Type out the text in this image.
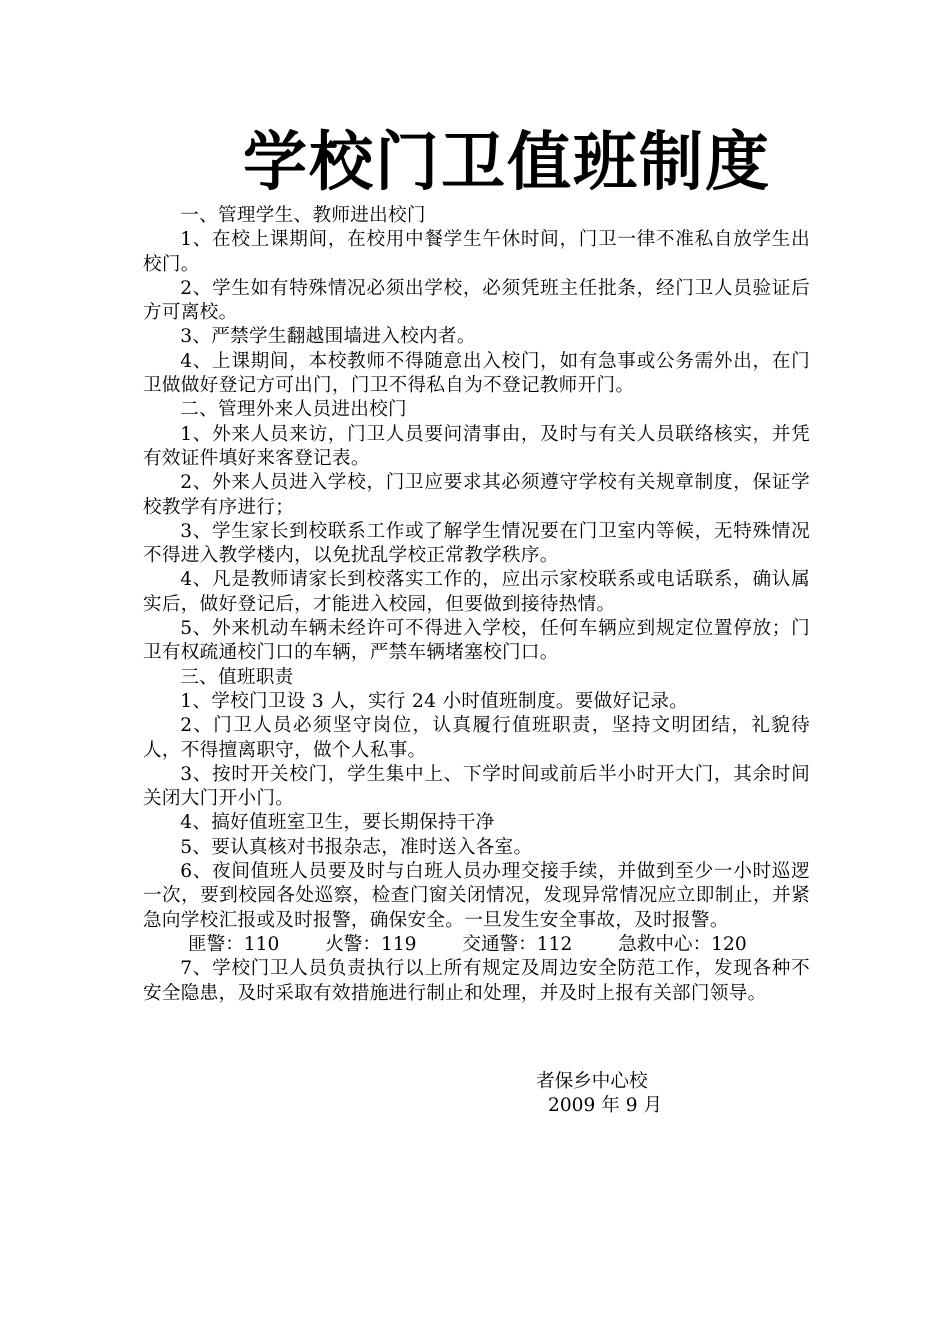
学校门卫值班制度

一、管理学生、教师进出校门

1、在校上课期间，在校用中餐学生午休时间，门卫一律不准私自放学生出校门。

2、学生如有特殊情况必须出学校，必须凭班主任批条，经门卫人员验证后方可离校。

3、严禁学生翻越围墙进入校内者。

4、上课期间，本校教师不得随意出入校门，如有急事或公务需外出，在门卫做做好登记方可出门，门卫不得私自为不登记教师开门。

二、管理外来人员进出校门

1、外来人员来访，门卫人员要问清事由，及时与有关人员联络核实，并凭有效证件填好来客登记表。

2、外来人员进入学校，门卫应要求其必须遵守学校有关规章制度，保证学校教学有序进行；

3、学生家长到校联系工作或了解学生情况要在门卫室内等候，无特殊情况不得进入教学楼内，以免扰乱学校正常教学秩序。

4、凡是教师请家长到校落实工作的，应出示家校联系或电话联系，确认属实后，做好登记后，才能进入校园，但要做到接待热情。

5、外来机动车辆未经许可不得进入学校，任何车辆应到规定位置停放；门卫有权疏通校门口的车辆，严禁车辆堵塞校门口。

三、值班职责

1、学校门卫设 3 人，实行 24 小时值班制度。要做好记录。

2、门卫人员必须坚守岗位，认真履行值班职责，坚持文明团结，礼貌待人，不得擅离职守，做个人私事。

3、按时开关校门，学生集中上、下学时间或前后半小时开大门，其余时间关闭大门开小门。

4、搞好值班室卫生，要长期保持干净

5、要认真核对书报杂志，准时送入各室。

6、夜间值班人员要及时与白班人员办理交接手续，并做到至少一小时巡逻一次，要到校园各处巡察，检查门窗关闭情况，发现异常情况应立即制止，并紧急向学校汇报或及时报警，确保安全。一旦发生安全事故，及时报警。

匪警：110 火警：119 交通警：112 急救中心：120

7、学校门卫人员负责执行以上所有规定及周边安全防范工作，发现各种不安全隐患，及时采取有效措施进行制止和处理，并及时上报有关部门领导。

者保乡中心校
2009 年 9 月
